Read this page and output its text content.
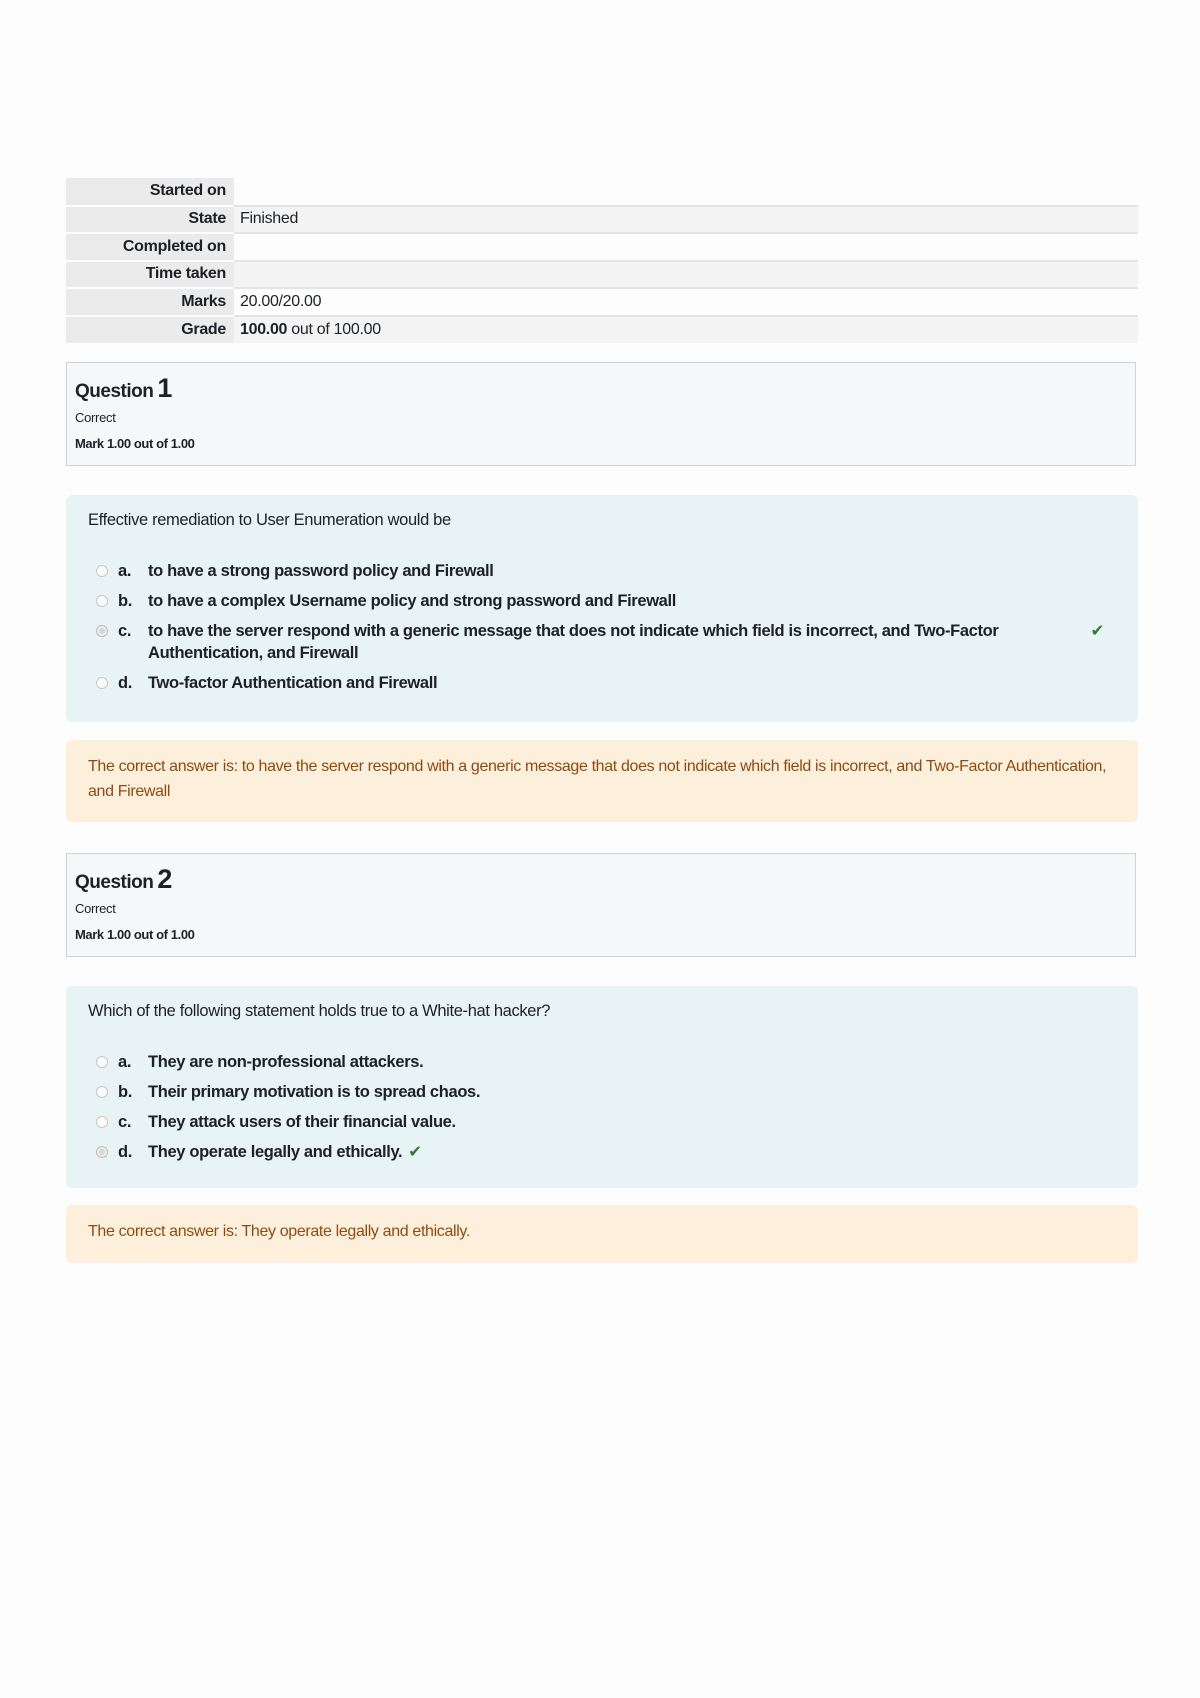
Started on	
State	Finished
Completed on	
Time taken	
Marks	20.00/20.00
Grade	100.00 out of 100.00
Question 1
Correct
Mark 1.00 out of 1.00
Effective remediation to User Enumeration would be
a.	to have a strong password policy and Firewall
b. to have a complex Username policy and strong password and Firewall
c.	to have the server respond with a generic message that does not indicate which field is incorrect, and Two-Factor Authentication, and Firewall
✔
d. Two-factor Authentication and Firewall
The correct answer is: to have the server respond with a generic message that does not indicate which field is incorrect, and Two-Factor Authentication, and Firewall
Question 2
Correct
Mark 1.00 out of 1.00
Which of the following statement holds true to a White-hat hacker?
a.	They are non-professional attackers.
b. Their primary motivation is to spread chaos.
c.	They attack users of their financial value.
d. They operate legally and ethically. ✔
The correct answer is: They operate legally and ethically.
